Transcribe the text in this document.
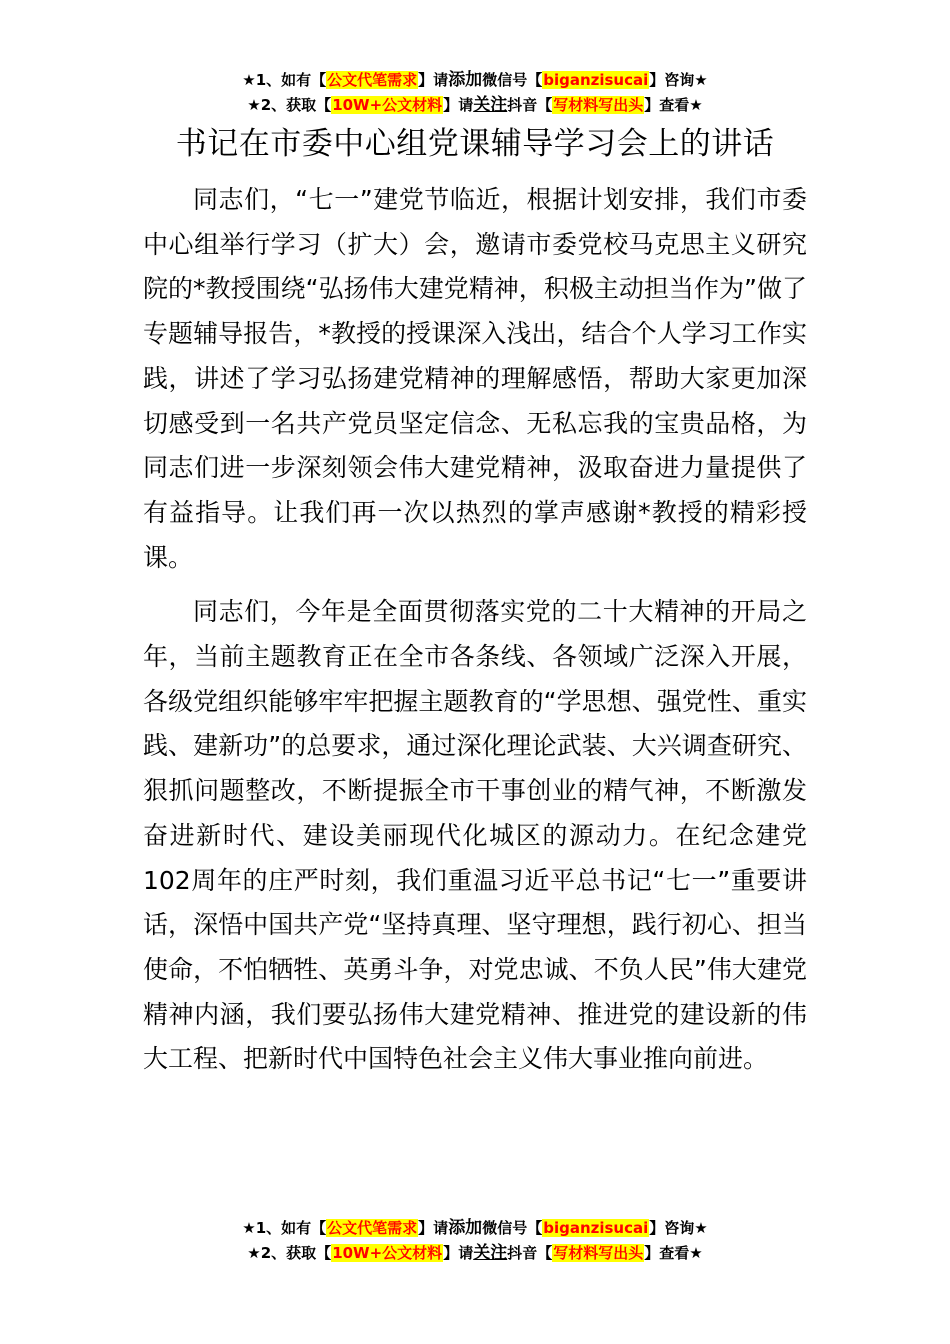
★1、如有【公文代笔需求】请添加微信号【biganzisucai】咨询★
★2、获取【10W+公文材料】请关注抖音【写材料写出头】查看★
书记在市委中心组党课辅导学习会上的讲话

同志们，“七一”建党节临近，根据计划安排，我们市委中心组举行学习（扩大）会，邀请市委党校马克思主义研究院的*教授围绕“弘扬伟大建党精神，积极主动担当作为”做了专题辅导报告，*教授的授课深入浅出，结合个人学习工作实践，讲述了学习弘扬建党精神的理解感悟，帮助大家更加深切感受到一名共产党员坚定信念、无私忘我的宝贵品格，为同志们进一步深刻领会伟大建党精神，汲取奋进力量提供了有益指导。让我们再一次以热烈的掌声感谢*教授的精彩授课。

同志们，今年是全面贯彻落实党的二十大精神的开局之年，当前主题教育正在全市各条线、各领域广泛深入开展，各级党组织能够牢牢把握主题教育的“学思想、强党性、重实践、建新功”的总要求，通过深化理论武装、大兴调查研究、狠抓问题整改，不断提振全市干事创业的精气神，不断激发奋进新时代、建设美丽现代化城区的源动力。在纪念建党102周年的庄严时刻，我们重温习近平总书记“七一”重要讲话，深悟中国共产党“坚持真理、坚守理想，践行初心、担当使命，不怕牺牲、英勇斗争，对党忠诚、不负人民”伟大建党精神内涵，我们要弘扬伟大建党精神、推进党的建设新的伟大工程、把新时代中国特色社会主义伟大事业推向前进。

★1、如有【公文代笔需求】请添加微信号【biganzisucai】咨询★
★2、获取【10W+公文材料】请关注抖音【写材料写出头】查看★
